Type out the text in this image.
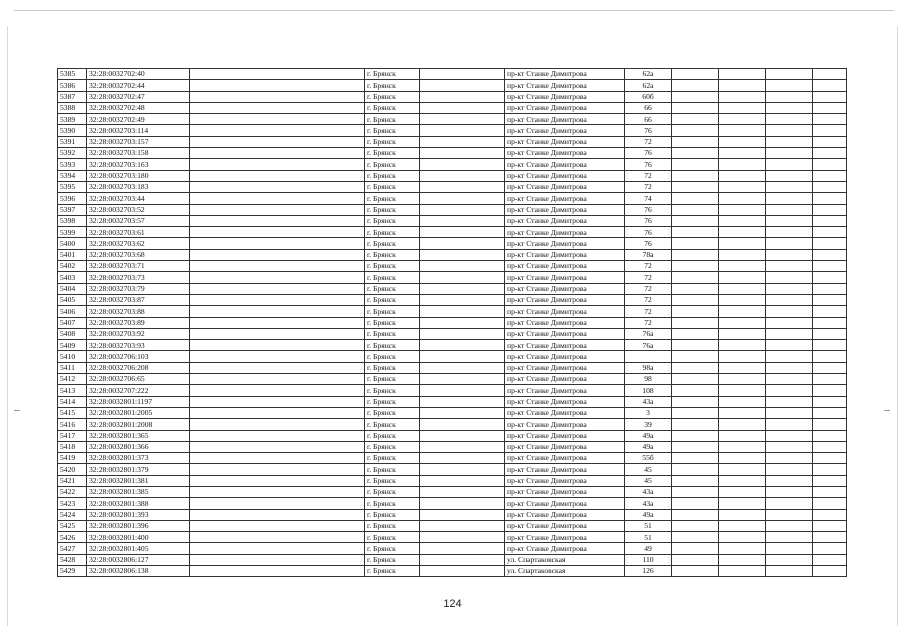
5385	32:28:0032702:40		г. Брянск		пр-кт Станке Димитрова	62а				
5386	32:28:0032702:44		г. Брянск		пр-кт Станке Димитрова	62а				
5387	32:28:0032702:47		г. Брянск		пр-кт Станке Димитрова	60б				
5388	32:28:0032702:48		г. Брянск		пр-кт Станке Димитрова	66				
5389	32:28:0032702:49		г. Брянск		пр-кт Станке Димитрова	66				
5390	32:28:0032703:114		г. Брянск		пр-кт Станке Димитрова	76				
5391	32:28:0032703:157		г. Брянск		пр-кт Станке Димитрова	72				
5392	32:28:0032703:158		г. Брянск		пр-кт Станке Димитрова	76				
5393	32:28:0032703:163		г. Брянск		пр-кт Станке Димитрова	76				
5394	32:28:0032703:180		г. Брянск		пр-кт Станке Димитрова	72				
5395	32:28:0032703:183		г. Брянск		пр-кт Станке Димитрова	72				
5396	32:28:0032703:44		г. Брянск		пр-кт Станке Димитрова	74				
5397	32:28:0032703:52		г. Брянск		пр-кт Станке Димитрова	76				
5398	32:28:0032703:57		г. Брянск		пр-кт Станке Димитрова	76				
5399	32:28:0032703:61		г. Брянск		пр-кт Станке Димитрова	76				
5400	32:28:0032703:62		г. Брянск		пр-кт Станке Димитрова	76				
5401	32:28:0032703:68		г. Брянск		пр-кт Станке Димитрова	78а				
5402	32:28:0032703:71		г. Брянск		пр-кт Станке Димитрова	72				
5403	32:28:0032703:73		г. Брянск		пр-кт Станке Димитрова	72				
5404	32:28:0032703:79		г. Брянск		пр-кт Станке Димитрова	72				
5405	32:28:0032703:87		г. Брянск		пр-кт Станке Димитрова	72				
5406	32:28:0032703:88		г. Брянск		пр-кт Станке Димитрова	72				
5407	32:28:0032703:89		г. Брянск		пр-кт Станке Димитрова	72				
5408	32:28:0032703:92		г. Брянск		пр-кт Станке Димитрова	76а				
5409	32:28:0032703:93		г. Брянск		пр-кт Станке Димитрова	76а				
5410	32:28:0032706:103		г. Брянск		пр-кт Станке Димитрова					
5411	32:28:0032706:208		г. Брянск		пр-кт Станке Димитрова	98а				
5412	32:28:0032706:65		г. Брянск		пр-кт Станке Димитрова	98				
5413	32:28:0032707:222		г. Брянск		пр-кт Станке Димитрова	108				
5414	32:28:0032801:1197		г. Брянск		пр-кт Станке Димитрова	43а				
5415	32:28:0032801:2005		г. Брянск		пр-кт Станке Димитрова	3				
5416	32:28:0032801:2008		г. Брянск		пр-кт Станке Димитрова	39				
5417	32:28:0032801:365		г. Брянск		пр-кт Станке Димитрова	49а				
5418	32:28:0032801:366		г. Брянск		пр-кт Станке Димитрова	49а				
5419	32:28:0032801:373		г. Брянск		пр-кт Станке Димитрова	55б				
5420	32:28:0032801:379		г. Брянск		пр-кт Станке Димитрова	45				
5421	32:28:0032801:381		г. Брянск		пр-кт Станке Димитрова	45				
5422	32:28:0032801:385		г. Брянск		пр-кт Станке Димитрова	43а				
5423	32:28:0032801:388		г. Брянск		пр-кт Станке Димитрова	43а				
5424	32:28:0032801:393		г. Брянск		пр-кт Станке Димитрова	49а				
5425	32:28:0032801:396		г. Брянск		пр-кт Станке Димитрова	51				
5426	32:28:0032801:400		г. Брянск		пр-кт Станке Димитрова	51				
5427	32:28:0032801:405		г. Брянск		пр-кт Станке Димитрова	49				
5428	32:28:0032806:127		г. Брянск		ул. Спартаковская	110				
5429	32:28:0032806:138		г. Брянск		ул. Спартаковская	126				
124
